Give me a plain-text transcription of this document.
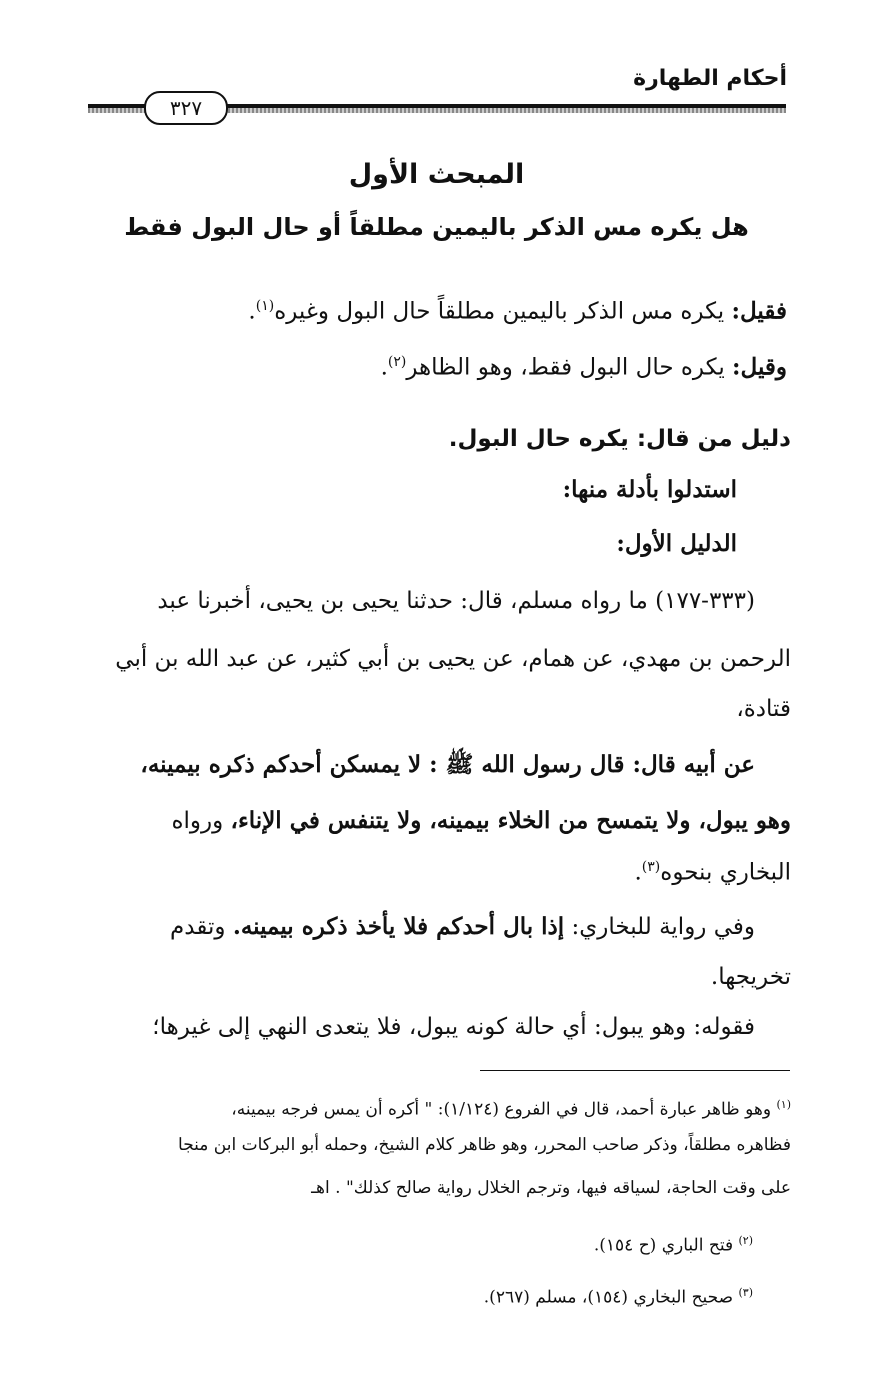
أحكام الطهارة
٣٢٧
المبحث الأول
هل يكره مس الذكر باليمين مطلقاً أو حال البول فقط
فقيل: يكره مس الذكر باليمين مطلقاً حال البول وغيره$^{(١)}$.
وقيل: يكره حال البول فقط، وهو الظاهر$^{(٢)}$.
دليل من قال: يكره حال البول.
استدلوا بأدلة منها:
الدليل الأول:
(٣٣٣-١٧٧) ما رواه مسلم، قال: حدثنا يحيى بن يحيى، أخبرنا عبد
الرحمن بن مهدي، عن همام، عن يحيى بن أبي كثير، عن عبد الله بن أبي
قتادة،
عن أبيه قال: قال رسول الله ﷺ : لا يمسكن أحدكم ذكره بيمينه،
وهو يبول، ولا يتمسح من الخلاء بيمينه، ولا يتنفس في الإناء، ورواه
البخاري بنحوه$^{(٣)}$.
وفي رواية للبخاري: إذا بال أحدكم فلا يأخذ ذكره بيمينه. وتقدم
تخريجها.
فقوله: وهو يبول: أي حالة كونه يبول، فلا يتعدى النهي إلى غيرها؛
$^{(١)}$ وهو ظاهر عبارة أحمد، قال في الفروع (١/١٢٤): " أكره أن يمس فرجه بيمينه،
فظاهره مطلقاً، وذكر صاحب المحرر، وهو ظاهر كلام الشيخ، وحمله أبو البركات ابن منجا
على وقت الحاجة، لسياقه فيها، وترجم الخلال رواية صالح كذلك" . اهـ
$^{(٢)}$ فتح الباري (ح ١٥٤).
$^{(٣)}$ صحيح البخاري (١٥٤)، مسلم (٢٦٧).
